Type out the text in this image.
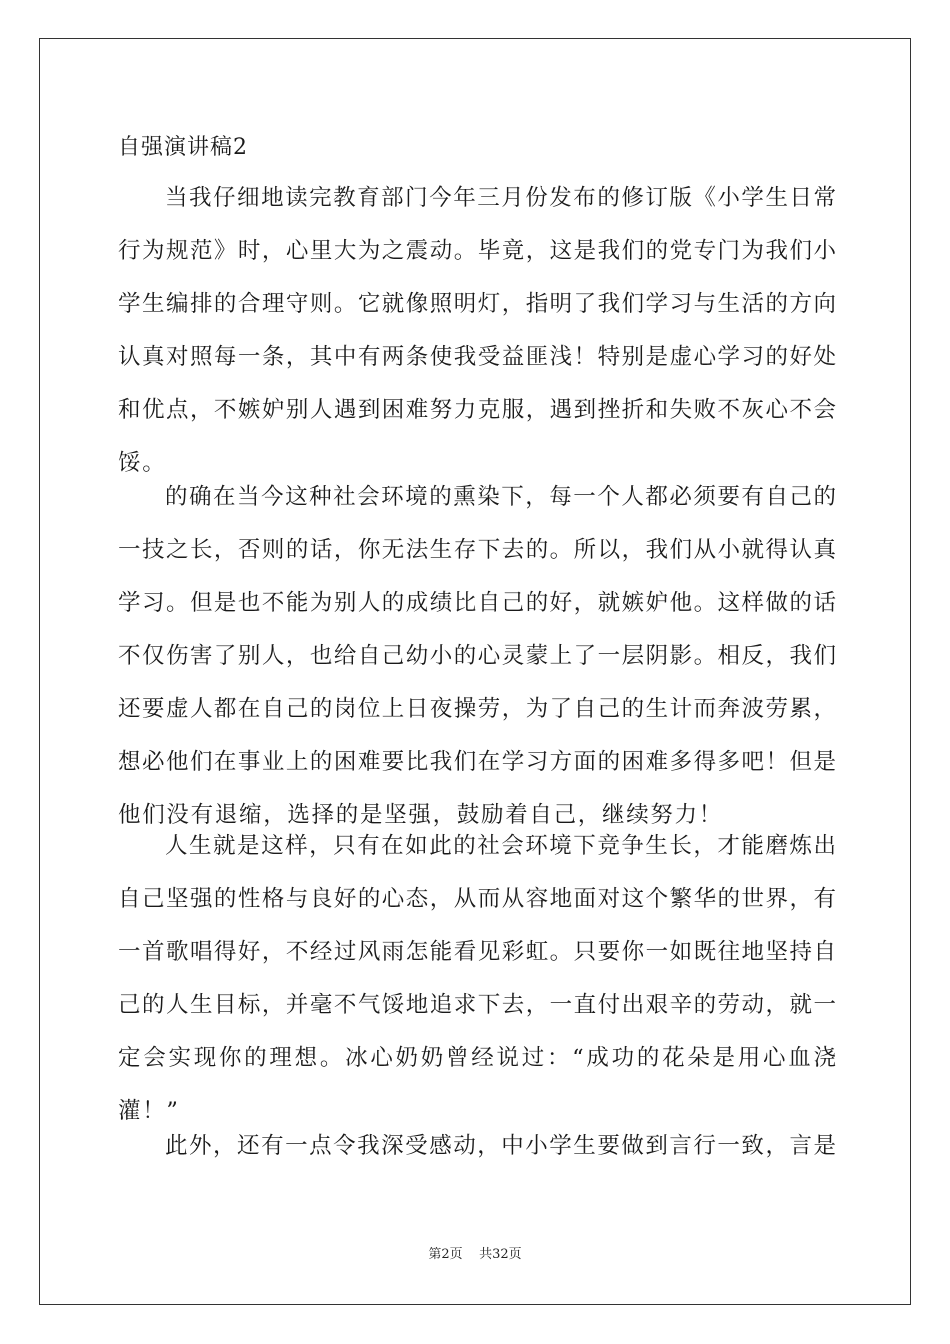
自强演讲稿2
当我仔细地读完教育部门今年三月份发布的修订版《小学生日常
行为规范》时，心里大为之震动。毕竟，这是我们的党专门为我们小
学生编排的合理守则。它就像照明灯，指明了我们学习与生活的方向
认真对照每一条，其中有两条使我受益匪浅！特别是虚心学习的好处
和优点，不嫉妒别人遇到困难努力克服，遇到挫折和失败不灰心不会
馁。
的确在当今这种社会环境的熏染下，每一个人都必须要有自己的
一技之长，否则的话，你无法生存下去的。所以，我们从小就得认真
学习。但是也不能为别人的成绩比自己的好，就嫉妒他。这样做的话
不仅伤害了别人，也给自己幼小的心灵蒙上了一层阴影。相反，我们
还要虚人都在自己的岗位上日夜操劳，为了自己的生计而奔波劳累，
想必他们在事业上的困难要比我们在学习方面的困难多得多吧！但是
他们没有退缩，选择的是坚强，鼓励着自己，继续努力！
人生就是这样，只有在如此的社会环境下竞争生长，才能磨炼出
自己坚强的性格与良好的心态，从而从容地面对这个繁华的世界，有
一首歌唱得好，不经过风雨怎能看见彩虹。只要你一如既往地坚持自
己的人生目标，并毫不气馁地追求下去，一直付出艰辛的劳动，就一
定会实现你的理想。冰心奶奶曾经说过：“成功的花朵是用心血浇
灌！”
此外，还有一点令我深受感动，中小学生要做到言行一致，言是
第2页 共32页
